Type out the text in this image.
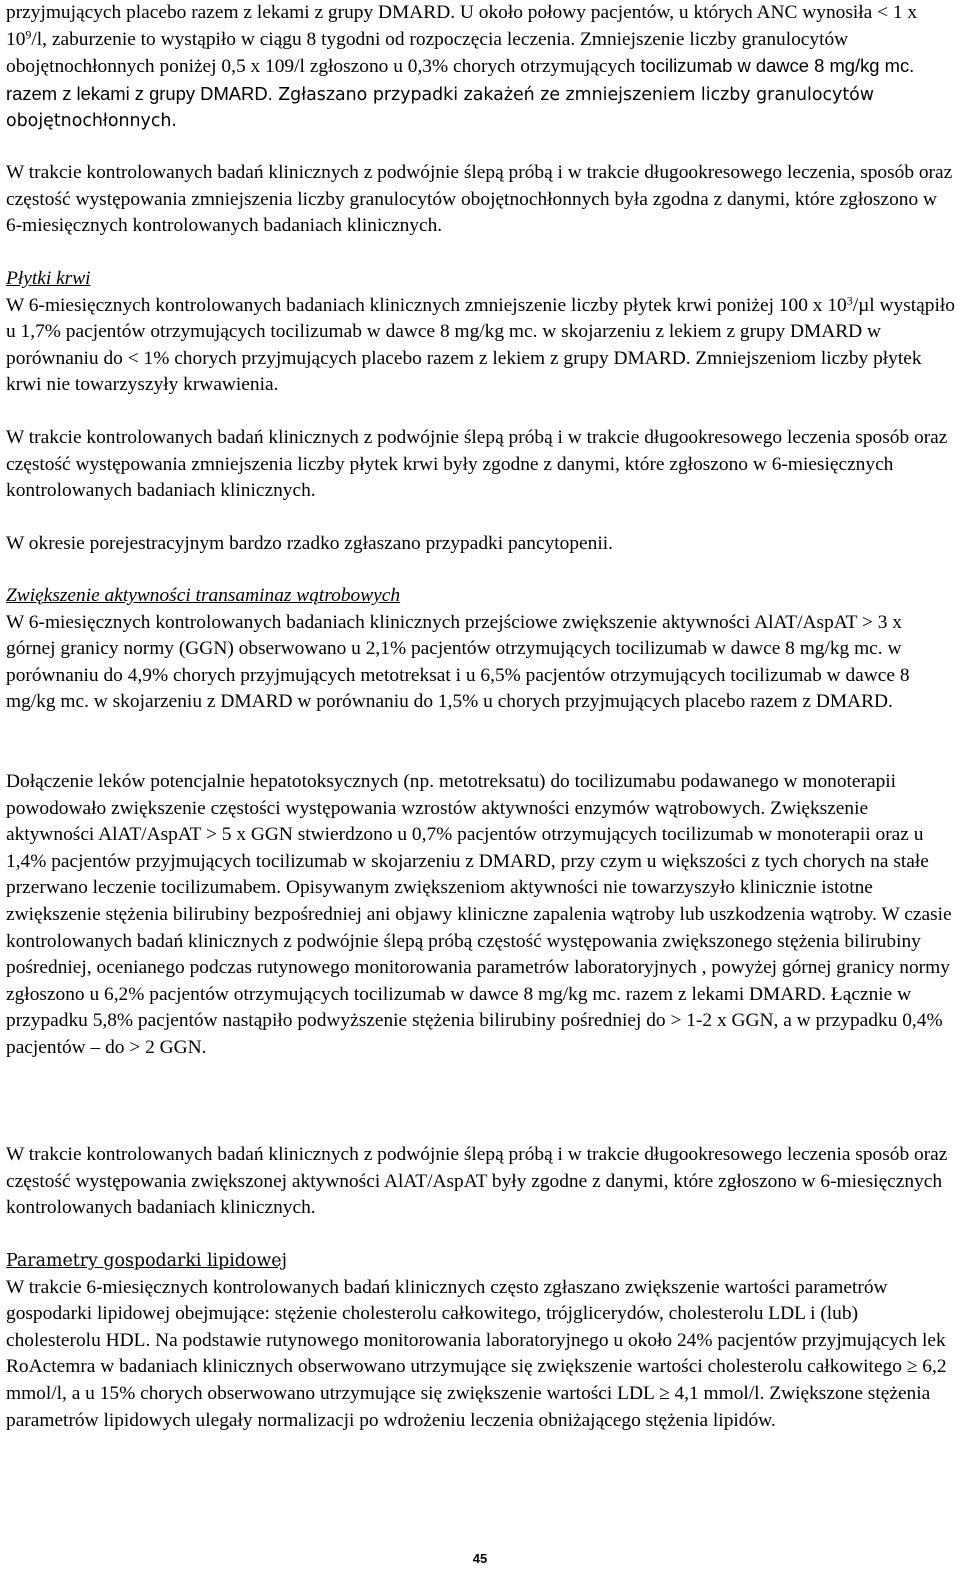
przyjmujących placebo razem z lekami z grupy DMARD. U około połowy pacjentów, u których ANC wynosiła < 1 x $10^9/l$, zaburzenie to wystąpiło w ciągu 8 tygodni od rozpoczęcia leczenia. Zmniejszenie liczby granulocytów obojętnochłonnych poniżej 0,5 x 109/l zgłoszono u 0,3% chorych otrzymujących tocilizumab w dawce 8 mg/kg mc. razem z lekami z grupy DMARD. Zgłaszano przypadki zakażeń ze zmniejszeniem liczby granulocytów obojętnochłonnych.

W trakcie kontrolowanych badań klinicznych z podwójnie ślepą próbą i w trakcie długookresowego leczenia, sposób oraz częstość występowania zmniejszenia liczby granulocytów obojętnochłonnych była zgodna z danymi, które zgłoszono w 6-miesięcznych kontrolowanych badaniach klinicznych.

Płytki krwi
W 6-miesięcznych kontrolowanych badaniach klinicznych zmniejszenie liczby płytek krwi poniżej 100 x $10^3/\mu l$ wystąpiło u 1,7% pacjentów otrzymujących tocilizumab w dawce 8 mg/kg mc. w skojarzeniu z lekiem z grupy DMARD w porównaniu do < 1% chorych przyjmujących placebo razem z lekiem z grupy DMARD. Zmniejszeniom liczby płytek krwi nie towarzyszyły krwawienia.

W trakcie kontrolowanych badań klinicznych z podwójnie ślepą próbą i w trakcie długookresowego leczenia sposób oraz częstość występowania zmniejszenia liczby płytek krwi były zgodne z danymi, które zgłoszono w 6-miesięcznych kontrolowanych badaniach klinicznych.

W okresie porejestracyjnym bardzo rzadko zgłaszano przypadki pancytopenii.

Zwiększenie aktywności transaminaz wątrobowych
W 6-miesięcznych kontrolowanych badaniach klinicznych przejściowe zwiększenie aktywności AlAT/AspAT > 3 x górnej granicy normy (GGN) obserwowano u 2,1% pacjentów otrzymujących tocilizumab w dawce 8 mg/kg mc. w porównaniu do 4,9% chorych przyjmujących metotreksat i u 6,5% pacjentów otrzymujących tocilizumab w dawce 8 mg/kg mc. w skojarzeniu z DMARD w porównaniu do 1,5% u chorych przyjmujących placebo razem z DMARD.

Dołączenie leków potencjalnie hepatotoksycznych (np. metotreksatu) do tocilizumabu podawanego w monoterapii powodowało zwiększenie częstości występowania wzrostów aktywności enzymów wątrobowych. Zwiększenie aktywności AlAT/AspAT > 5 x GGN stwierdzono u 0,7% pacjentów otrzymujących tocilizumab w monoterapii oraz u 1,4% pacjentów przyjmujących tocilizumab w skojarzeniu z DMARD, przy czym u większości z tych chorych na stałe przerwano leczenie tocilizumabem. Opisywanym zwiększeniom aktywności nie towarzyszyło klinicznie istotne zwiększenie stężenia bilirubiny bezpośredniej ani objawy kliniczne zapalenia wątroby lub uszkodzenia wątroby. W czasie kontrolowanych badań klinicznych z podwójnie ślepą próbą częstość występowania zwiększonego stężenia bilirubiny pośredniej, ocenianego podczas rutynowego monitorowania parametrów laboratoryjnych , powyżej górnej granicy normy zgłoszono u 6,2% pacjentów otrzymujących tocilizumab w dawce 8 mg/kg mc. razem z lekami DMARD. Łącznie w przypadku 5,8% pacjentów nastąpiło podwyższenie stężenia bilirubiny pośredniej do > 1-2 x GGN, a w przypadku 0,4% pacjentów – do > 2 GGN.

W trakcie kontrolowanych badań klinicznych z podwójnie ślepą próbą i w trakcie długookresowego leczenia sposób oraz częstość występowania zwiększonej aktywności AlAT/AspAT były zgodne z danymi, które zgłoszono w 6-miesięcznych kontrolowanych badaniach klinicznych.

Parametry gospodarki lipidowej
W trakcie 6-miesięcznych kontrolowanych badań klinicznych często zgłaszano zwiększenie wartości parametrów gospodarki lipidowej obejmujące: stężenie cholesterolu całkowitego, trójglicerydów, cholesterolu LDL i (lub) cholesterolu HDL. Na podstawie rutynowego monitorowania laboratoryjnego u około 24% pacjentów przyjmujących lek RoActemra w badaniach klinicznych obserwowano utrzymujące się zwiększenie wartości cholesterolu całkowitego ≥ 6,2 mmol/l, a u 15% chorych obserwowano utrzymujące się zwiększenie wartości LDL ≥ 4,1 mmol/l. Zwiększone stężenia parametrów lipidowych ulegały normalizacji po wdrożeniu leczenia obniżającego stężenia lipidów.
45
